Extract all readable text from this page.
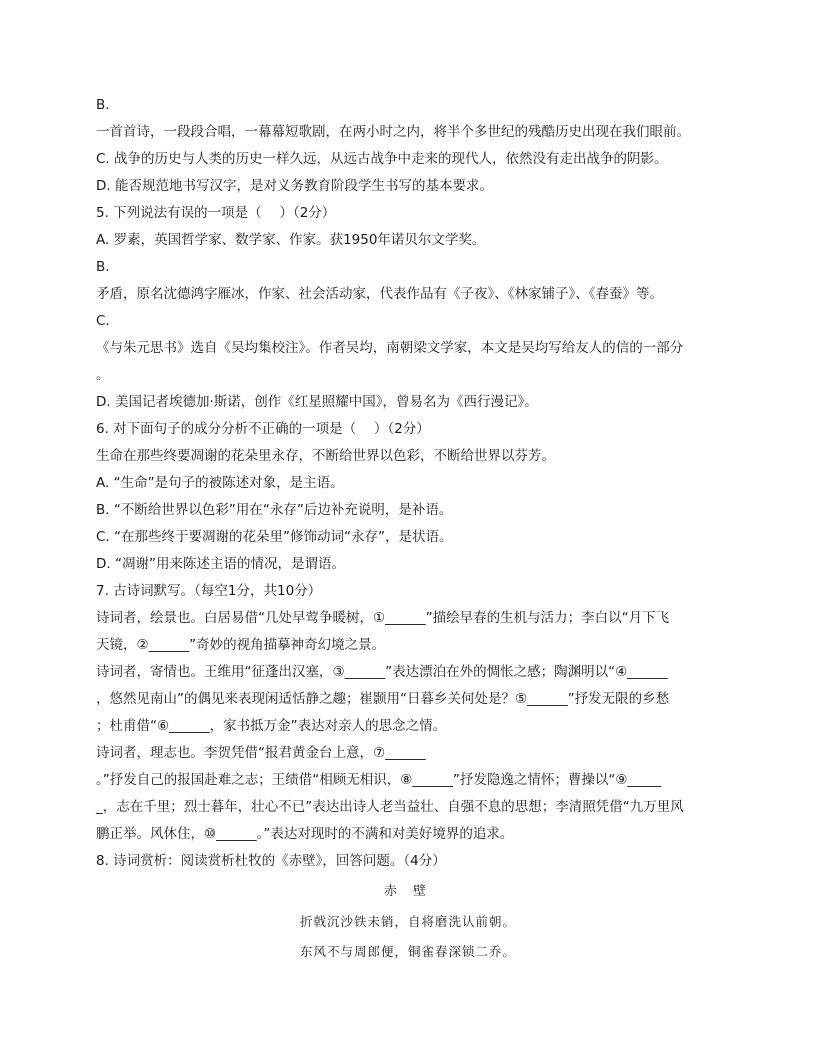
B.
一首首诗，一段段合唱，一幕幕短歌剧，在两小时之内，将半个多世纪的残酷历史出现在我们眼前。
C. 战争的历史与人类的历史一样久远，从远古战争中走来的现代人，依然没有走出战争的阴影。
D. 能否规范地书写汉字，是对义务教育阶段学生书写的基本要求。
5. 下列说法有误的一项是（　 ）（2分）
A. 罗素，英国哲学家、数学家、作家。获1950年诺贝尔文学奖。
B.
矛盾，原名沈德鸿字雁冰，作家、社会活动家，代表作品有《子夜》、《林家铺子》、《春蚕》等。
C.
《与朱元思书》选自《吴均集校注》。作者吴均，南朝梁文学家，本文是吴均写给友人的信的一部分
。
D. 美国记者埃德加·斯诺，创作《红星照耀中国》，曾易名为《西行漫记》。
6. 对下面句子的成分分析不正确的一项是（　 ）（2分）
生命在那些终要凋谢的花朵里永存，不断给世界以色彩，不断给世界以芬芳。
A. “生命”是句子的被陈述对象，是主语。
B. “不断给世界以色彩”用在“永存”后边补充说明，是补语。
C. “在那些终于要凋谢的花朵里”修饰动词“永存”，是状语。
D. “凋谢”用来陈述主语的情况，是谓语。
7. 古诗词默写。（每空1分，共10分）
诗词者，绘景也。白居易借“几处早莺争暖树，①______”描绘早春的生机与活力；李白以“月下飞
天镜，②______”奇妙的视角描摹神奇幻境之景。
诗词者，寄情也。王维用“征蓬出汉塞，③______”表达漂泊在外的惆怅之感；陶渊明以“④______
，悠然见南山”的偶见来表现闲适恬静之趣；崔颢用“日暮乡关何处是？⑤______”抒发无限的乡愁
；杜甫借“⑥______，家书抵万金”表达对亲人的思念之情。
诗词者，理志也。李贺凭借“报君黄金台上意，⑦______
。”抒发自己的报国赴难之志；王绩借“相顾无相识，⑧______”抒发隐逸之情怀；曹操以“⑨_____
_，志在千里；烈士暮年，壮心不已”表达出诗人老当益壮、自强不息的思想；李清照凭借“九万里风
鹏正举。风休住，⑩______。”表达对现时的不满和对美好境界的追求。
8. 诗词赏析：阅读赏析杜牧的《赤壁》，回答问题。（4分）
赤 壁
折戟沉沙铁未销，自将磨洗认前朝。
东风不与周郎便，铜雀春深锁二乔。
